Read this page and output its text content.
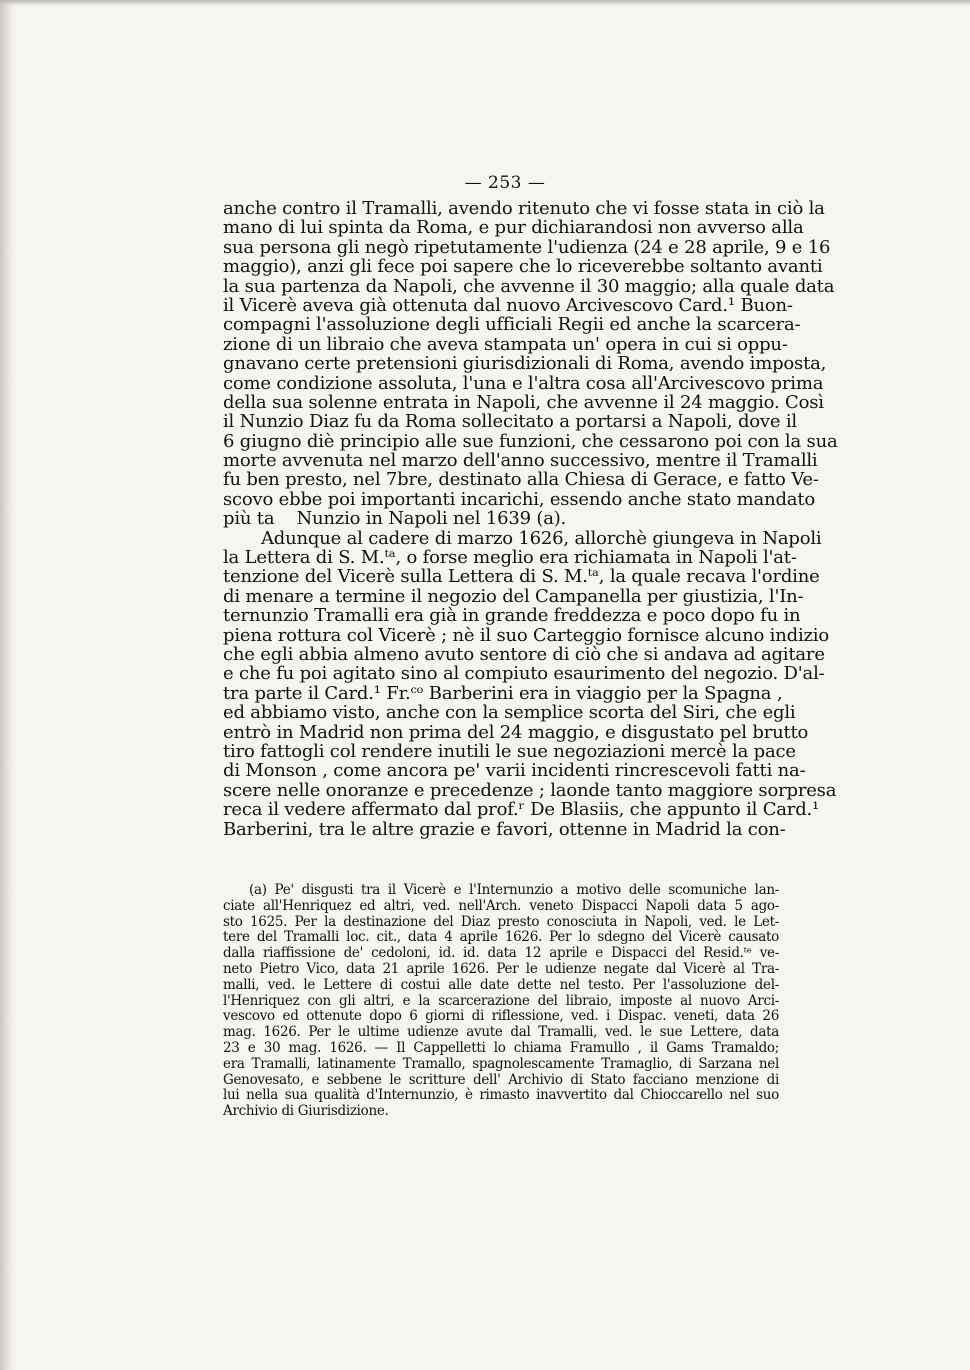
— 253 —
anche contro il Tramalli, avendo ritenuto che vi fosse stata in ciò la
mano di lui spinta da Roma, e pur dichiarandosi non avverso alla
sua persona gli negò ripetutamente l'udienza (24 e 28 aprile, 9 e 16
maggio), anzi gli fece poi sapere che lo riceverebbe soltanto avanti
la sua partenza da Napoli, che avvenne il 30 maggio; alla quale data
il Vicerè aveva già ottenuta dal nuovo Arcivescovo Card.¹ Buon-
compagni l'assoluzione degli ufficiali Regii ed anche la scarcera-
zione di un libraio che aveva stampata un' opera in cui si oppu-
gnavano certe pretensioni giurisdizionali di Roma, avendo imposta,
come condizione assoluta, l'una e l'altra cosa all'Arcivescovo prima
della sua solenne entrata in Napoli, che avvenne il 24 maggio. Così
il Nunzio Diaz fu da Roma sollecitato a portarsi a Napoli, dove il
6 giugno diè principio alle sue funzioni, che cessarono poi con la sua
morte avvenuta nel marzo dell'anno successivo, mentre il Tramalli
fu ben presto, nel 7bre, destinato alla Chiesa di Gerace, e fatto Ve-
scovo ebbe poi importanti incarichi, essendo anche stato mandato
più ta    Nunzio in Napoli nel 1639 (a).
Adunque al cadere di marzo 1626, allorchè giungeva in Napoli
la Lettera di S. M.ᵗᵃ, o forse meglio era richiamata in Napoli l'at-
tenzione del Vicerè sulla Lettera di S. M.ᵗᵃ, la quale recava l'ordine
di menare a termine il negozio del Campanella per giustizia, l'In-
ternunzio Tramalli era già in grande freddezza e poco dopo fu in
piena rottura col Vicerè ; nè il suo Carteggio fornisce alcuno indizio
che egli abbia almeno avuto sentore di ciò che si andava ad agitare
e che fu poi agitato sino al compiuto esaurimento del negozio. D'al-
tra parte il Card.¹ Fr.ᶜᵒ Barberini era in viaggio per la Spagna ,
ed abbiamo visto, anche con la semplice scorta del Siri, che egli
entrò in Madrid non prima del 24 maggio, e disgustato pel brutto
tiro fattogli col rendere inutili le sue negoziazioni mercè la pace
di Monson , come ancora pe' varii incidenti rincrescevoli fatti na-
scere nelle onoranze e precedenze ; laonde tanto maggiore sorpresa
reca il vedere affermato dal prof.ʳ De Blasiis, che appunto il Card.¹
Barberini, tra le altre grazie e favori, ottenne in Madrid la con-
(a) Pe' disgusti tra il Vicerè e l'Internunzio a motivo delle scomuniche lan-
ciate all'Henriquez ed altri, ved. nell'Arch. veneto Dispacci Napoli data 5 ago-
sto 1625. Per la destinazione del Diaz presto conosciuta in Napoli, ved. le Let-
tere del Tramalli loc. cit., data 4 aprile 1626. Per lo sdegno del Vicerè causato
dalla riaffissione de' cedoloni, id. id. data 12 aprile e Dispacci del Resid.ᵗᵉ ve-
neto Pietro Vico, data 21 aprile 1626. Per le udienze negate dal Vicerè al Tra-
malli, ved. le Lettere di costui alle date dette nel testo. Per l'assoluzione del-
l'Henriquez con gli altri, e la scarcerazione del libraio, imposte al nuovo Arci-
vescovo ed ottenute dopo 6 giorni di riflessione, ved. i Dispac. veneti, data 26
mag. 1626. Per le ultime udienze avute dal Tramalli, ved. le sue Lettere, data
23 e 30 mag. 1626. — Il Cappelletti lo chiama Framullo , il Gams Tramaldo;
era Tramalli, latinamente Tramallo, spagnolescamente Tramaglio, di Sarzana nel
Genovesato, e sebbene le scritture dell' Archivio di Stato facciano menzione di
lui nella sua qualità d'Internunzio, è rimasto inavvertito dal Chioccarello nel suo
Archivio di Giurisdizione.
